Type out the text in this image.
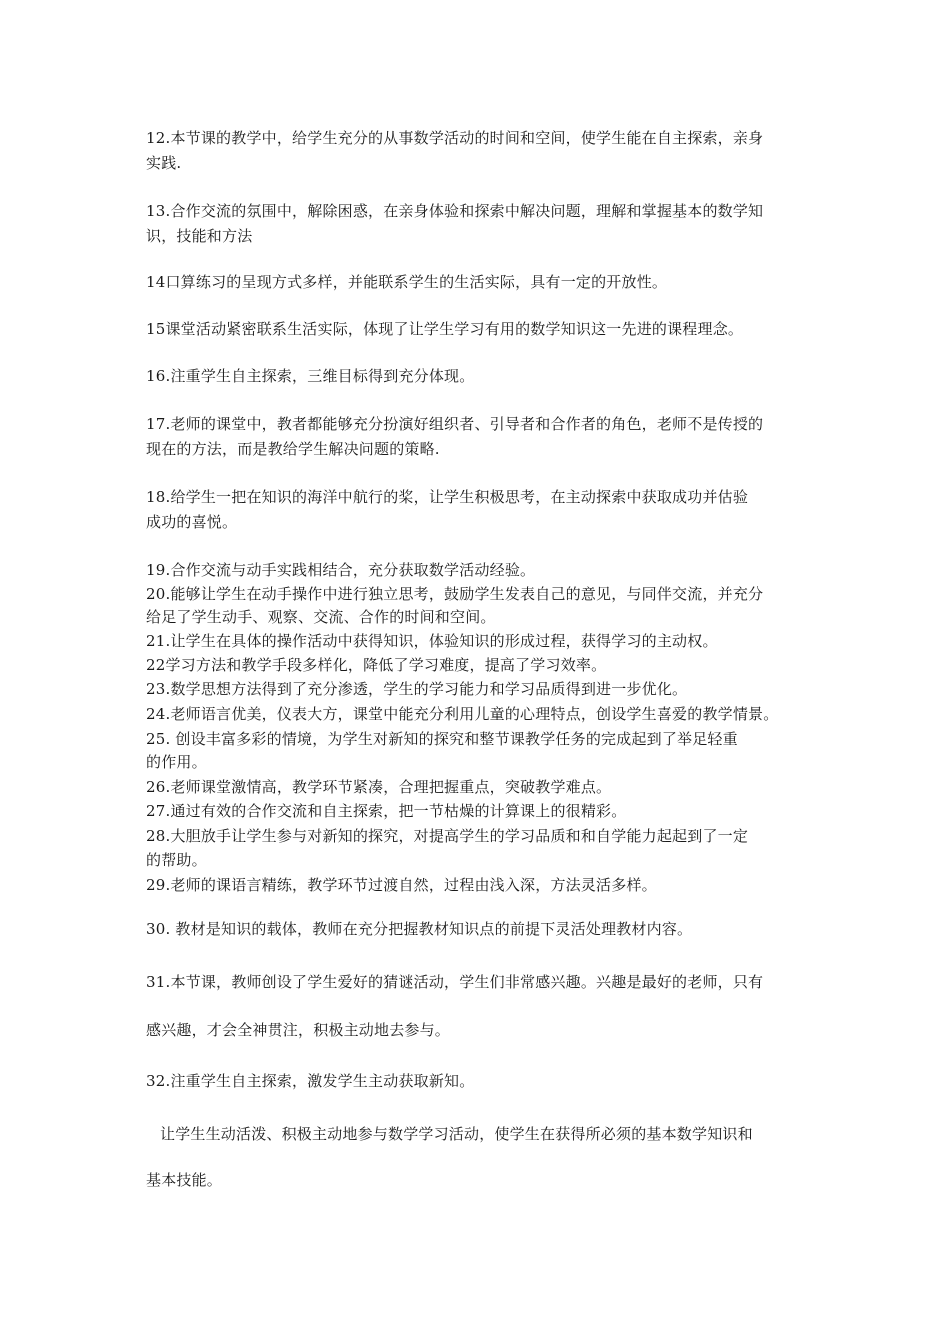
12.本节课的教学中，给学生充分的从事数学活动的时间和空间，使学生能在自主探索，亲身
实践.
13.合作交流的氛围中，解除困惑，在亲身体验和探索中解决问题，理解和掌握基本的数学知
识，技能和方法
14口算练习的呈现方式多样，并能联系学生的生活实际，具有一定的开放性。
15课堂活动紧密联系生活实际，体现了让学生学习有用的数学知识这一先进的课程理念。
16.注重学生自主探索，三维目标得到充分体现。
17.老师的课堂中，教者都能够充分扮演好组织者、引导者和合作者的角色，老师不是传授的
现在的方法，而是教给学生解决问题的策略.
18.给学生一把在知识的海洋中航行的桨，让学生积极思考，在主动探索中获取成功并估验
成功的喜悦。
19.合作交流与动手实践相结合，充分获取数学活动经验。
20.能够让学生在动手操作中进行独立思考，鼓励学生发表自己的意见，与同伴交流，并充分
给足了学生动手、观察、交流、合作的时间和空间。
21.让学生在具体的操作活动中获得知识，体验知识的形成过程，获得学习的主动权。
22学习方法和教学手段多样化，降低了学习难度，提高了学习效率。
23.数学思想方法得到了充分渗透，学生的学习能力和学习品质得到进一步优化。
24.老师语言优美，仪表大方，课堂中能充分利用儿童的心理特点，创设学生喜爱的教学情景。
25. 创设丰富多彩的情境，为学生对新知的探究和整节课教学任务的完成起到了举足轻重
的作用。
26.老师课堂激情高，教学环节紧凑，合理把握重点，突破教学难点。
27.通过有效的合作交流和自主探索，把一节枯燥的计算课上的很精彩。
28.大胆放手让学生参与对新知的探究，对提高学生的学习品质和和自学能力起起到了一定
的帮助。
29.老师的课语言精练，教学环节过渡自然，过程由浅入深，方法灵活多样。
30. 教材是知识的载体，教师在充分把握教材知识点的前提下灵活处理教材内容。
31.本节课，教师创设了学生爱好的猜谜活动，学生们非常感兴趣。兴趣是最好的老师，只有
感兴趣，才会全神贯注，积极主动地去参与。
32.注重学生自主探索，激发学生主动获取新知。
让学生生动活泼、积极主动地参与数学学习活动，使学生在获得所必须的基本数学知识和
基本技能。
